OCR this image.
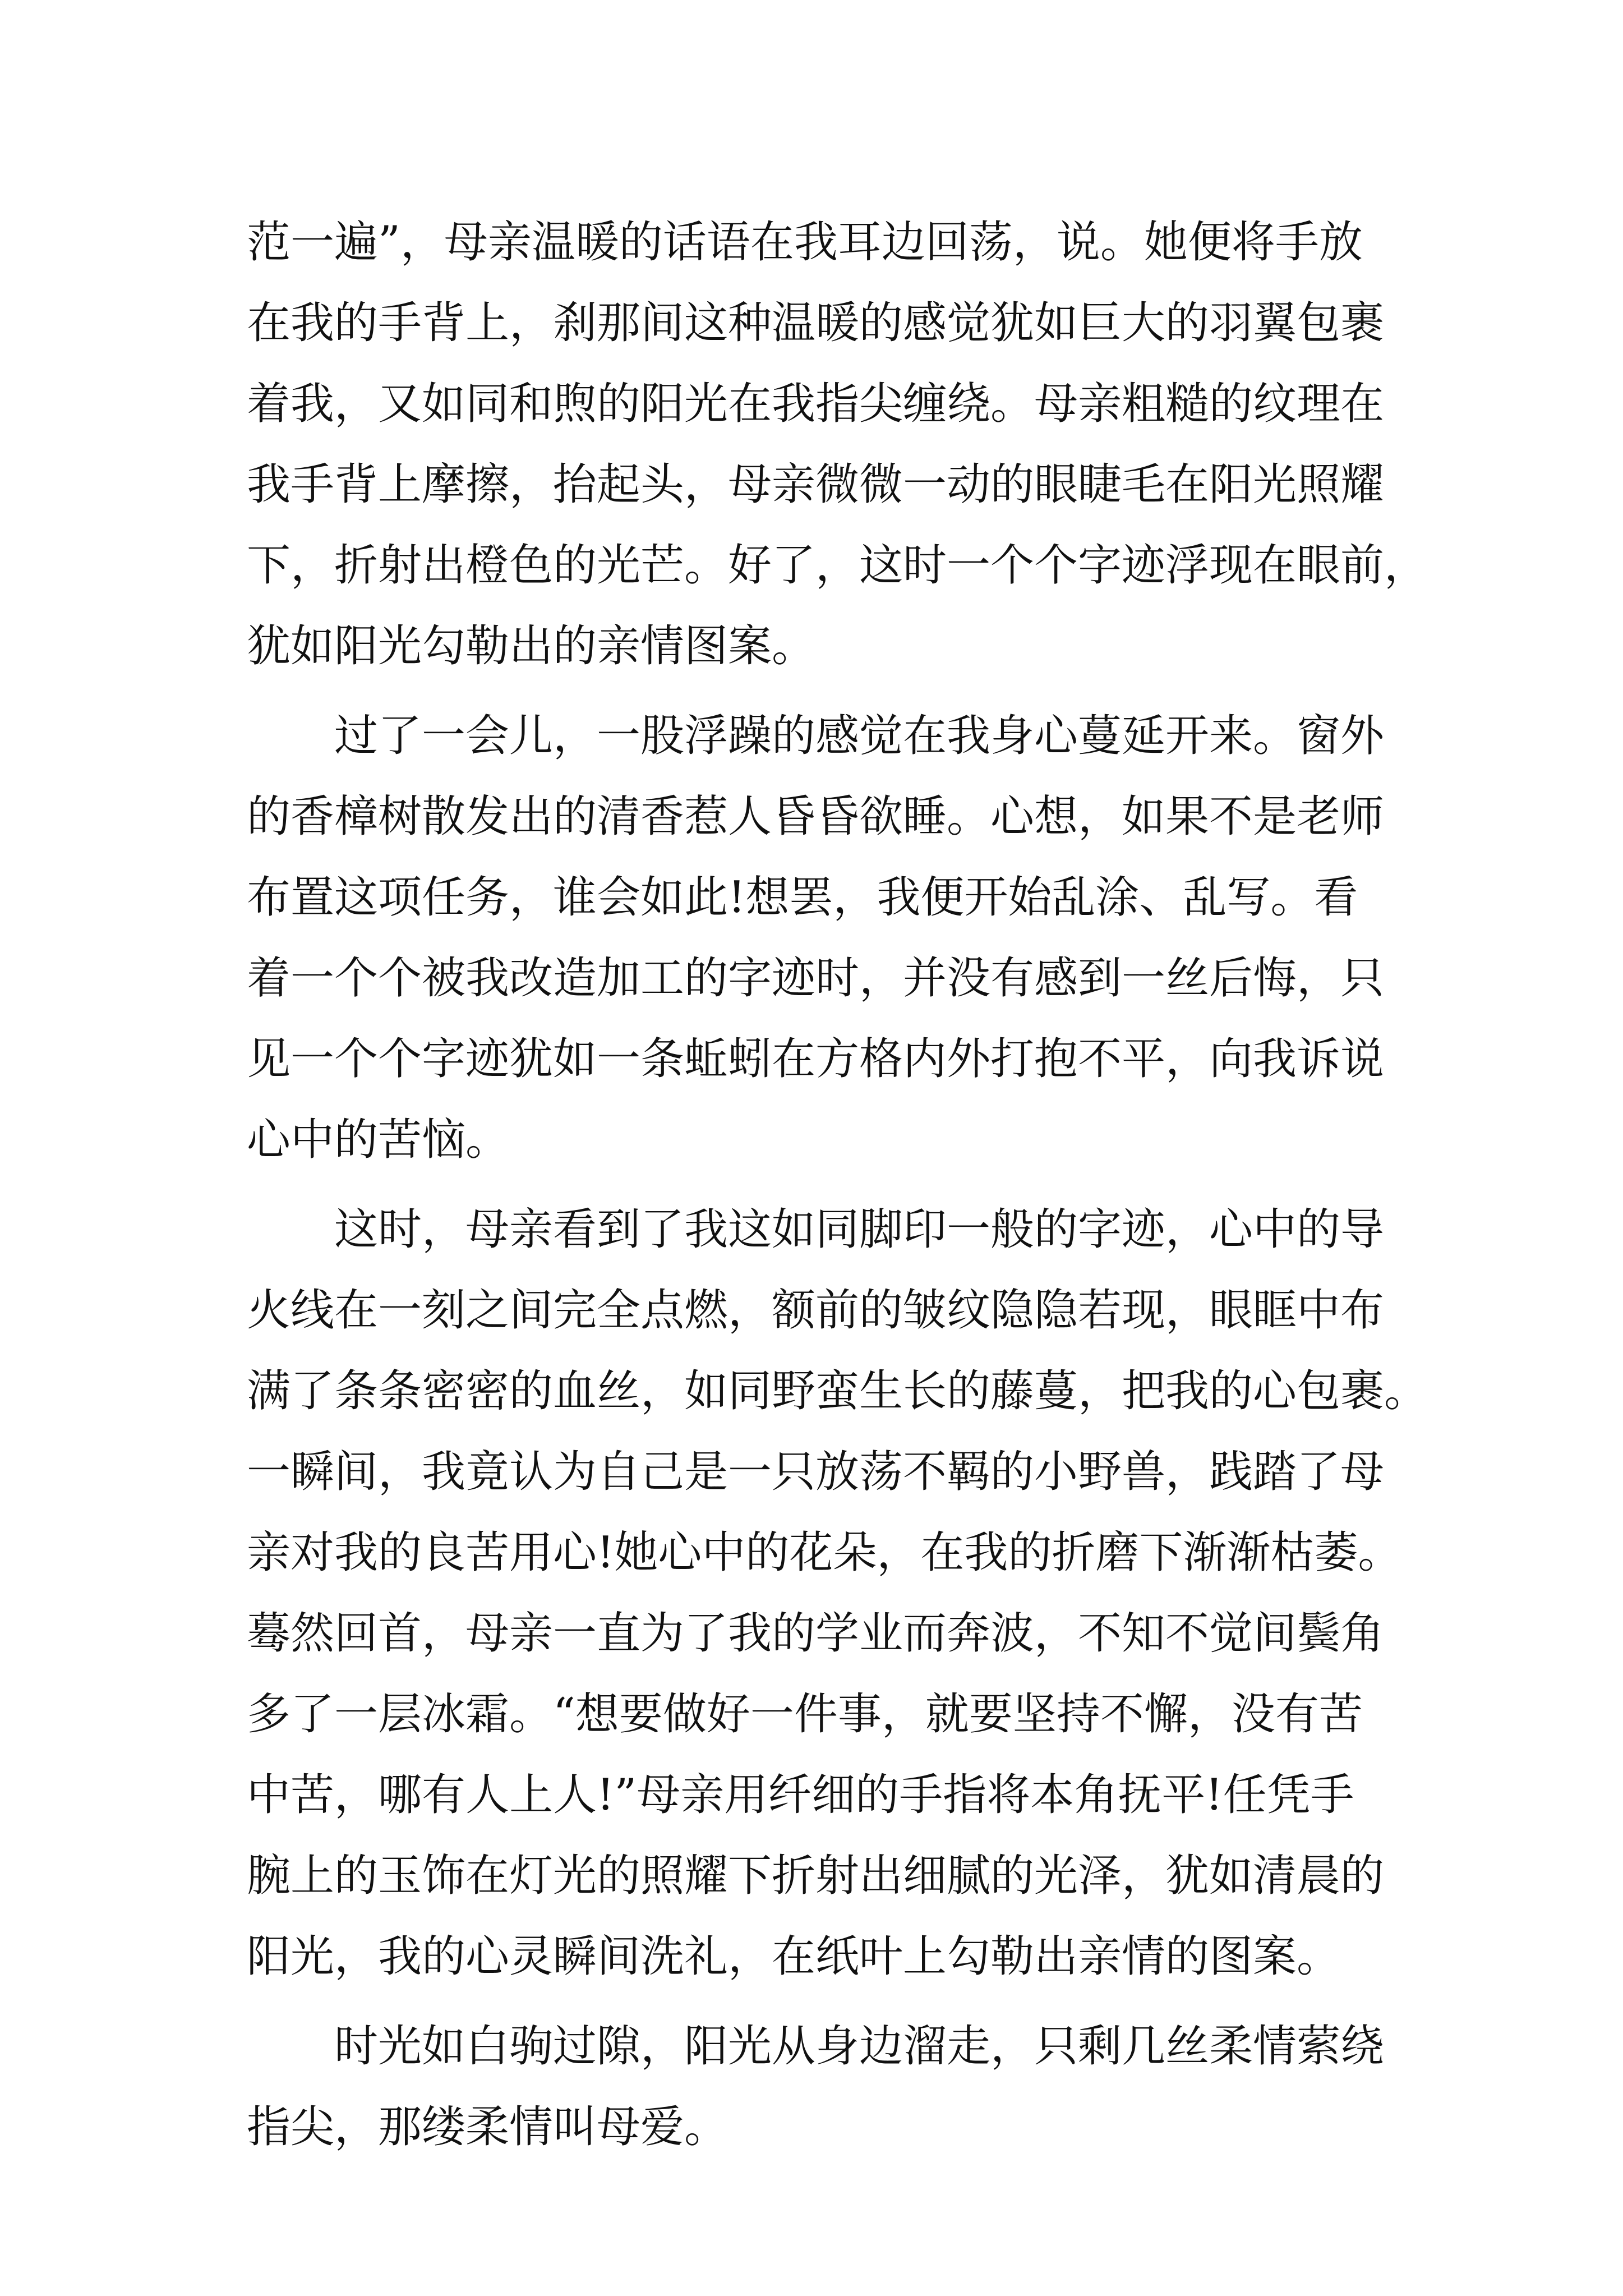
范一遍”，母亲温暖的话语在我耳边回荡，说。她便将手放
在我的手背上，刹那间这种温暖的感觉犹如巨大的羽翼包裹
着我，又如同和煦的阳光在我指尖缠绕。母亲粗糙的纹理在
我手背上摩擦，抬起头，母亲微微一动的眼睫毛在阳光照耀
下，折射出橙色的光芒。好了，这时一个个字迹浮现在眼前，
犹如阳光勾勒出的亲情图案。
　　过了一会儿，一股浮躁的感觉在我身心蔓延开来。窗外
的香樟树散发出的清香惹人昏昏欲睡。心想，如果不是老师
布置这项任务，谁会如此!想罢，我便开始乱涂、乱写。看
着一个个被我改造加工的字迹时，并没有感到一丝后悔，只
见一个个字迹犹如一条蚯蚓在方格内外打抱不平，向我诉说
心中的苦恼。
　　这时，母亲看到了我这如同脚印一般的字迹，心中的导
火线在一刻之间完全点燃，额前的皱纹隐隐若现，眼眶中布
满了条条密密的血丝，如同野蛮生长的藤蔓，把我的心包裹。
一瞬间，我竟认为自己是一只放荡不羁的小野兽，践踏了母
亲对我的良苦用心!她心中的花朵，在我的折磨下渐渐枯萎。
蓦然回首，母亲一直为了我的学业而奔波，不知不觉间鬓角
多了一层冰霜。“想要做好一件事，就要坚持不懈，没有苦
中苦，哪有人上人!”母亲用纤细的手指将本角抚平!任凭手
腕上的玉饰在灯光的照耀下折射出细腻的光泽，犹如清晨的
阳光，我的心灵瞬间洗礼，在纸叶上勾勒出亲情的图案。
　　时光如白驹过隙，阳光从身边溜走，只剩几丝柔情萦绕
指尖，那缕柔情叫母爱。
